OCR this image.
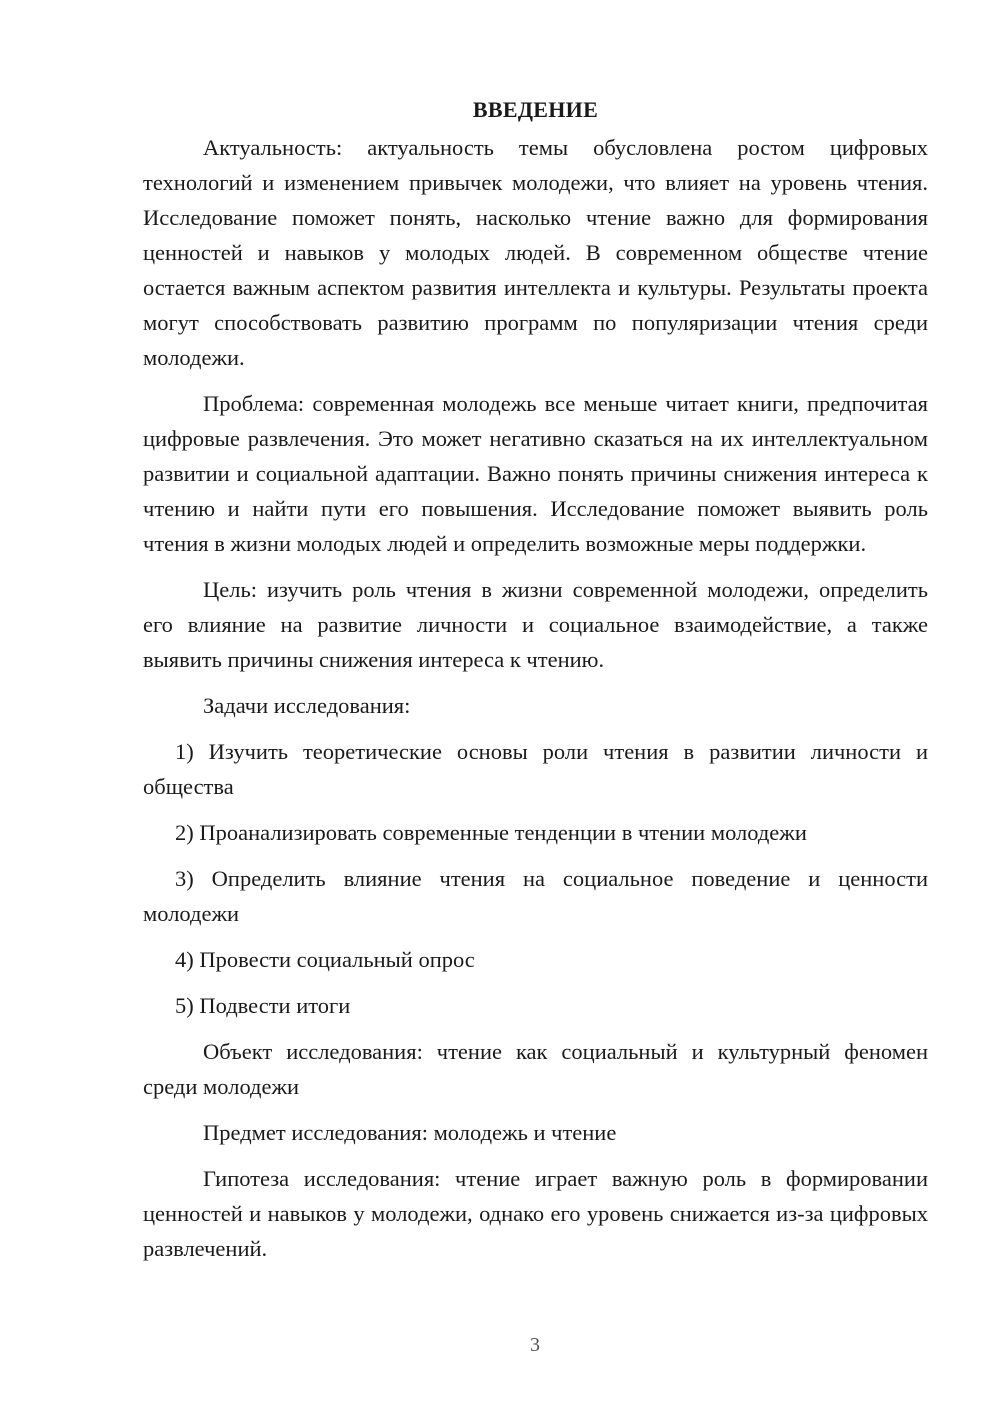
ВВЕДЕНИЕ

Актуальность: актуальность темы обусловлена ростом цифровых технологий и изменением привычек молодежи, что влияет на уровень чтения. Исследование поможет понять, насколько чтение важно для формирования ценностей и навыков у молодых людей. В современном обществе чтение остается важным аспектом развития интеллекта и культуры. Результаты проекта могут способствовать развитию программ по популяризации чтения среди молодежи.

Проблема: современная молодежь все меньше читает книги, предпочитая цифровые развлечения. Это может негативно сказаться на их интеллектуальном развитии и социальной адаптации. Важно понять причины снижения интереса к чтению и найти пути его повышения. Исследование поможет выявить роль чтения в жизни молодых людей и определить возможные меры поддержки.

Цель: изучить роль чтения в жизни современной молодежи, определить его влияние на развитие личности и социальное взаимодействие, а также выявить причины снижения интереса к чтению.

Задачи исследования:

1) Изучить теоретические основы роли чтения в развитии личности и общества

2) Проанализировать современные тенденции в чтении молодежи

3) Определить влияние чтения на социальное поведение и ценности молодежи

4) Провести социальный опрос

5) Подвести итоги

Объект исследования: чтение как социальный и культурный феномен среди молодежи

Предмет исследования: молодежь и чтение

Гипотеза исследования: чтение играет важную роль в формировании ценностей и навыков у молодежи, однако его уровень снижается из-за цифровых развлечений.

3
